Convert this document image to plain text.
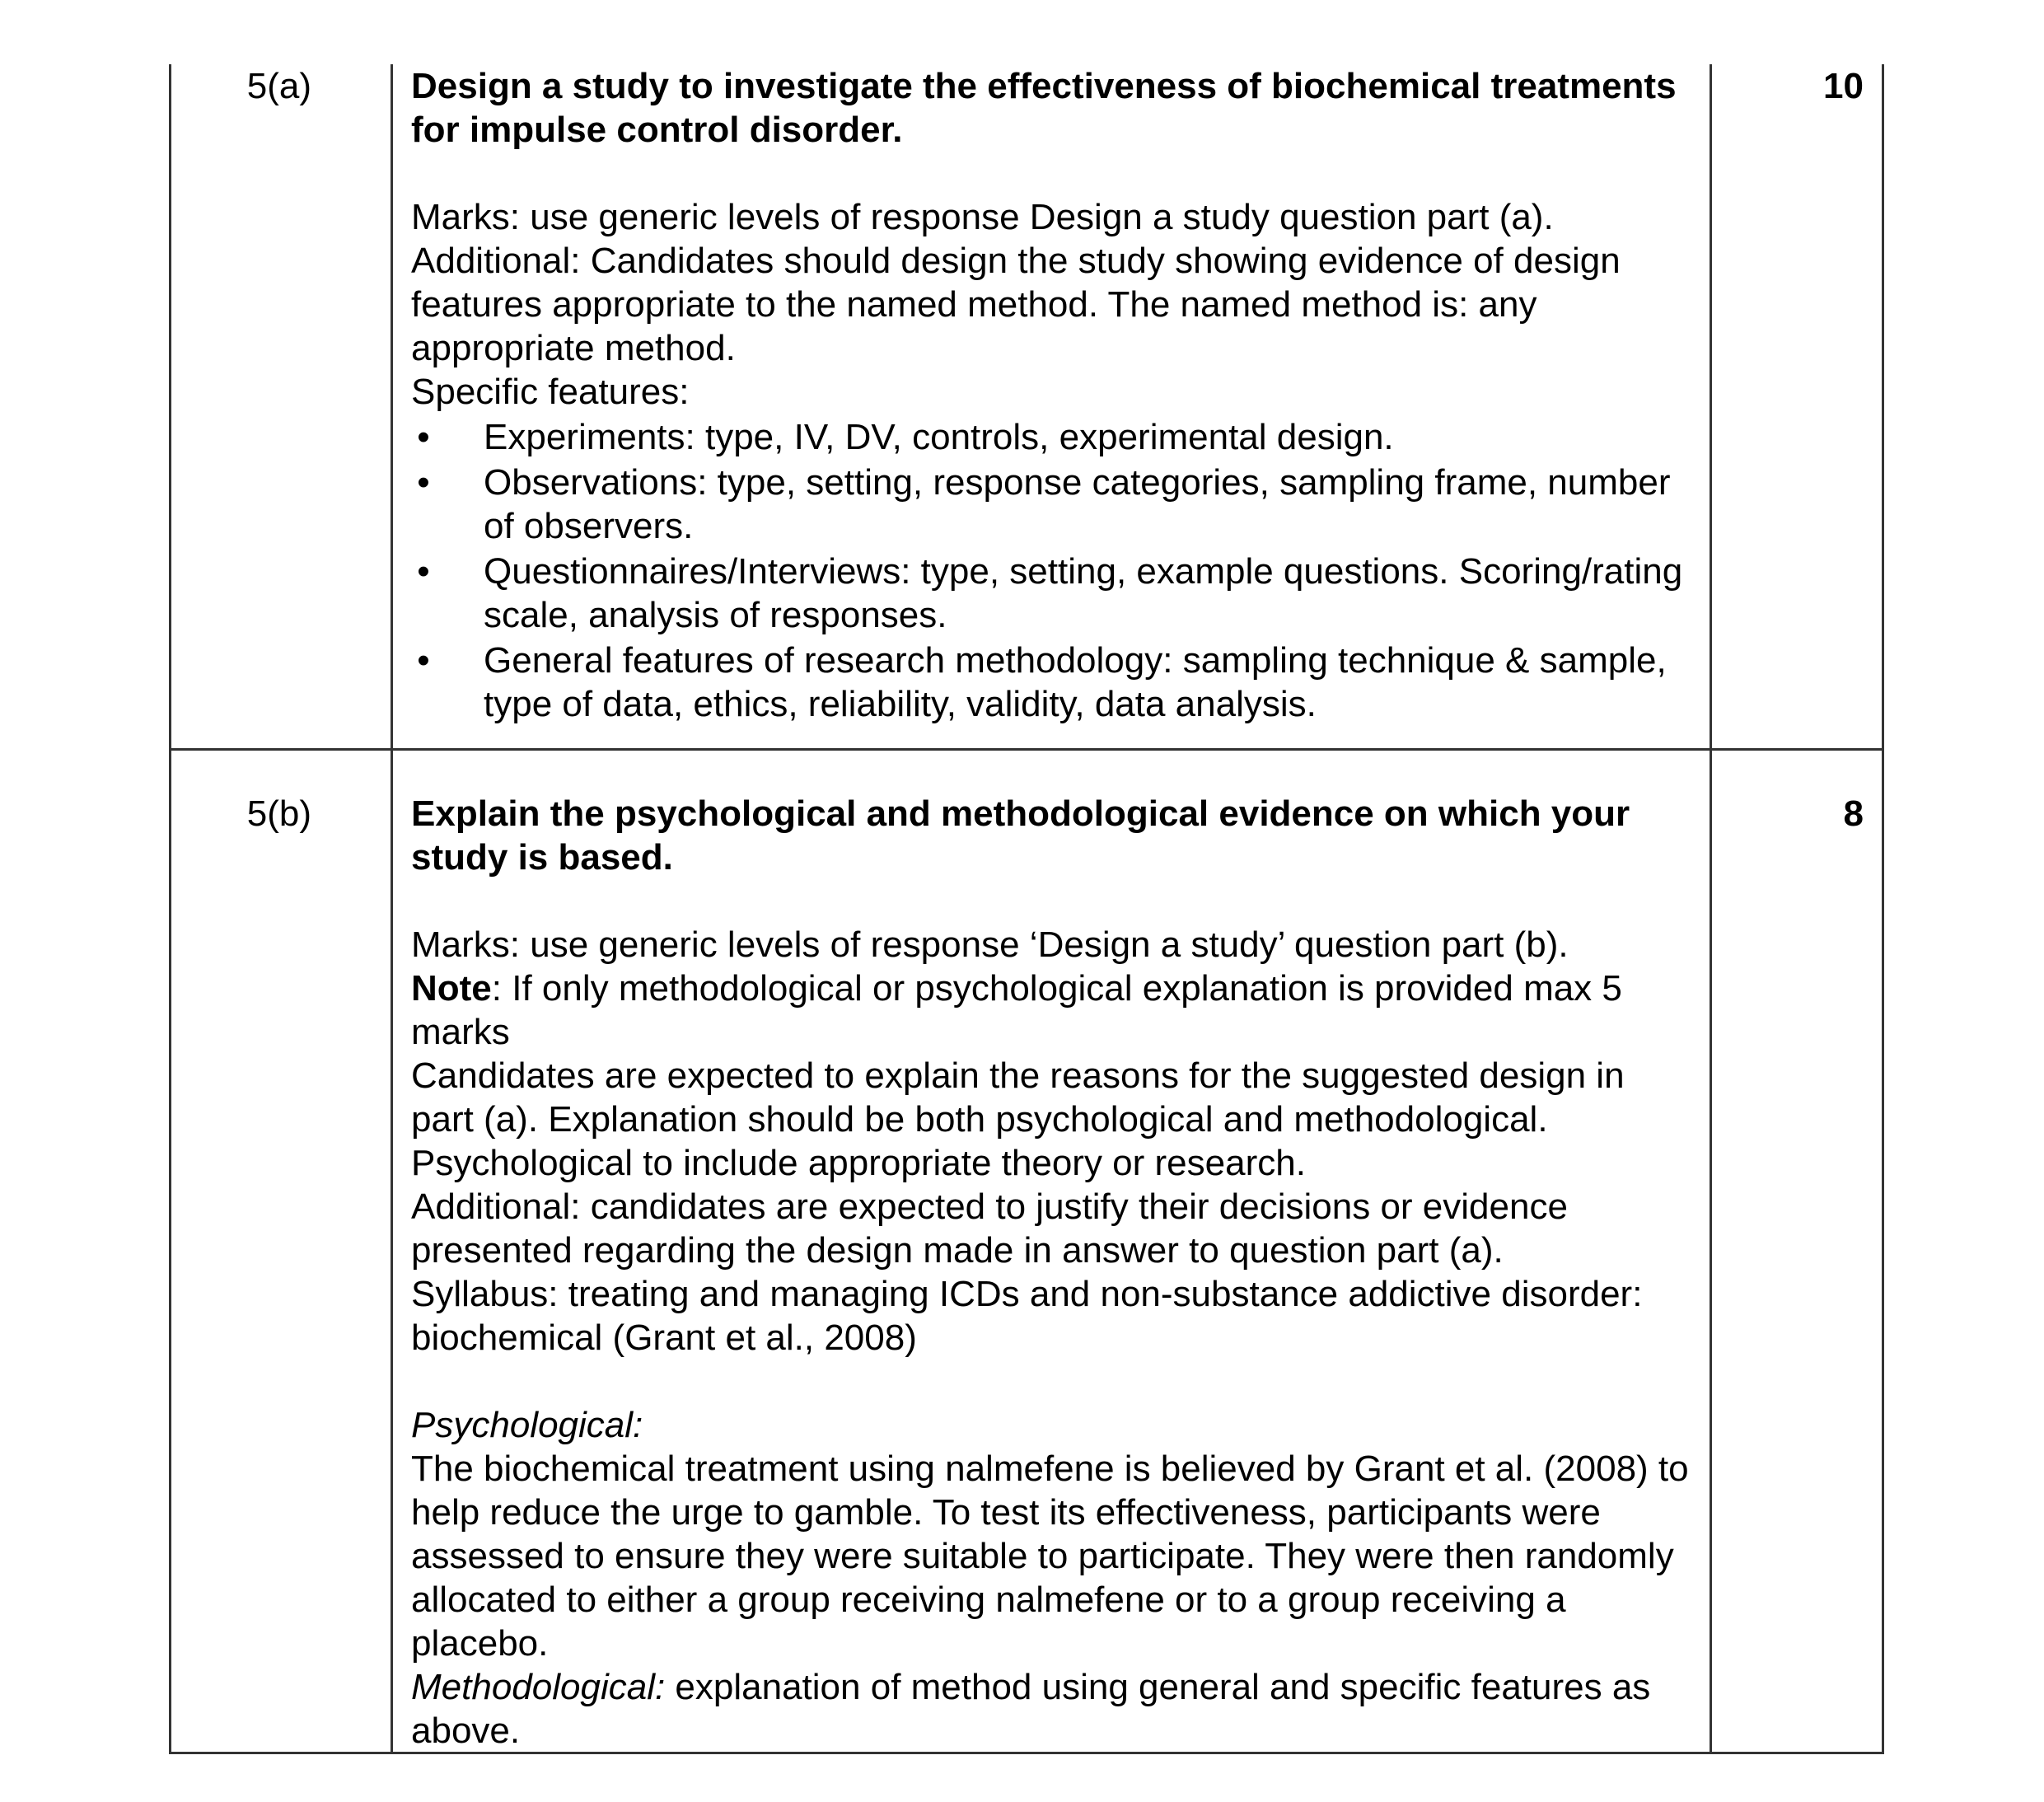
5(a)	Design a study to investigate the effectiveness of biochemical treatments for impulse control disorder.

Marks: use generic levels of response Design a study question part (a).

Additional: Candidates should design the study showing evidence of design features appropriate to the named method. The named method is: any appropriate method.

Specific features:

• Experiments: type, IV, DV, controls, experimental design.
• Observations: type, setting, response categories, sampling frame, number of observers.
• Questionnaires/Interviews: type, setting, example questions. Scoring/rating scale, analysis of responses.
• General features of research methodology: sampling technique & sample, type of data, ethics, reliability, validity, data analysis.
10
5(b)	Explain the psychological and methodological evidence on which your study is based.

Marks: use generic levels of response ‘Design a study’ question part (b).

Note: If only methodological or psychological explanation is provided max 5 marks

Candidates are expected to explain the reasons for the suggested design in part (a). Explanation should be both psychological and methodological. Psychological to include appropriate theory or research.

Additional: candidates are expected to justify their decisions or evidence presented regarding the design made in answer to question part (a).

Syllabus: treating and managing ICDs and non-substance addictive disorder: biochemical (Grant et al., 2008)

Psychological:

The biochemical treatment using nalmefene is believed by Grant et al. (2008) to help reduce the urge to gamble. To test its effectiveness, participants were assessed to ensure they were suitable to participate. They were then randomly allocated to either a group receiving nalmefene or to a group receiving a placebo.

Methodological: explanation of method using general and specific features as above.

8
